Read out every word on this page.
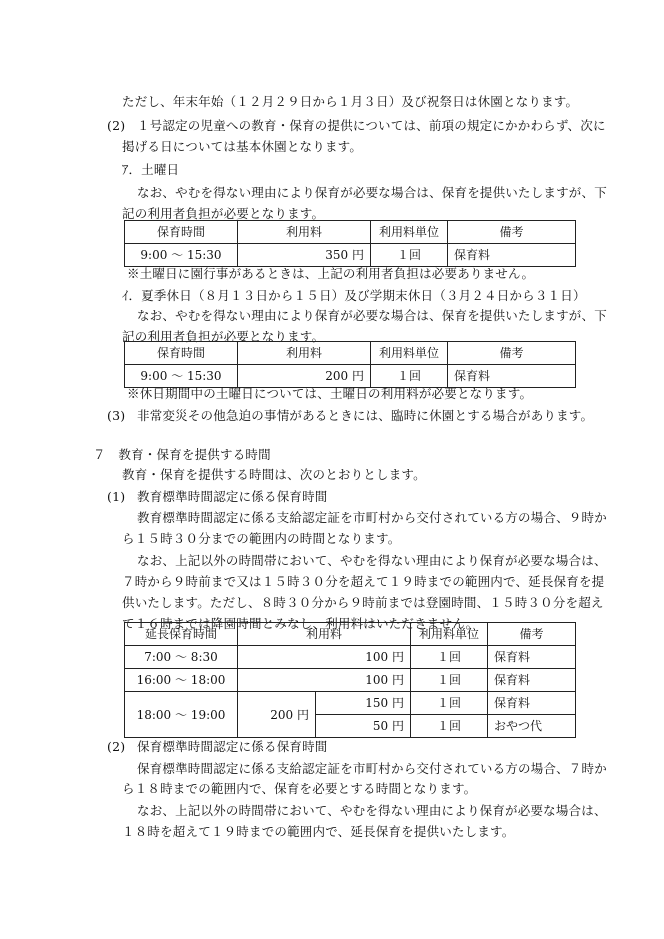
ただし、年末年始（１２月２９日から１月３日）及び祝祭日は休園となります。
(2) １号認定の児童への教育・保育の提供については、前項の規定にかかわらず、次に
掲げる日については基本休園となります。
ｱ．土曜日
なお、やむを得ない理由により保育が必要な場合は、保育を提供いたしますが、下
記の利用者負担が必要となります。
保育時間	利用料	利用料単位	備考
9:00 〜 15:30	350 円	１回	保育料
※土曜日に園行事があるときは、上記の利用者負担は必要ありません。
ｲ．夏季休日（８月１３日から１５日）及び学期末休日（３月２４日から３１日）
なお、やむを得ない理由により保育が必要な場合は、保育を提供いたしますが、下
記の利用者負担が必要となります。
保育時間	利用料	利用料単位	備考
9:00 〜 15:30	200 円	１回	保育料
※休日期間中の土曜日については、土曜日の利用料が必要となります。
(3) 非常変災その他急迫の事情があるときには、臨時に休園とする場合があります。
７　教育・保育を提供する時間
教育・保育を提供する時間は、次のとおりとします。
(1) 教育標準時間認定に係る保育時間
教育標準時間認定に係る支給認定証を市町村から交付されている方の場合、９時か
ら１５時３０分までの範囲内の時間となります。
なお、上記以外の時間帯において、やむを得ない理由により保育が必要な場合は、
７時から９時前まで又は１５時３０分を超えて１９時までの範囲内で、延長保育を提
供いたします。ただし、８時３０分から９時前までは登園時間、１５時３０分を超え
て１６時までは降園時間とみなし、利用料はいただきません。
延長保育時間	利用料		利用料単位	備考
7:00 〜 8:30	100 円		１回	保育料
16:00 〜 18:00	100 円		１回	保育料
18:00 〜 19:00	200 円	150 円	１回	保育料
		50 円	１回	おやつ代
(2) 保育標準時間認定に係る保育時間
保育標準時間認定に係る支給認定証を市町村から交付されている方の場合、７時か
ら１８時までの範囲内で、保育を必要とする時間となります。
なお、上記以外の時間帯において、やむを得ない理由により保育が必要な場合は、
１８時を超えて１９時までの範囲内で、延長保育を提供いたします。
